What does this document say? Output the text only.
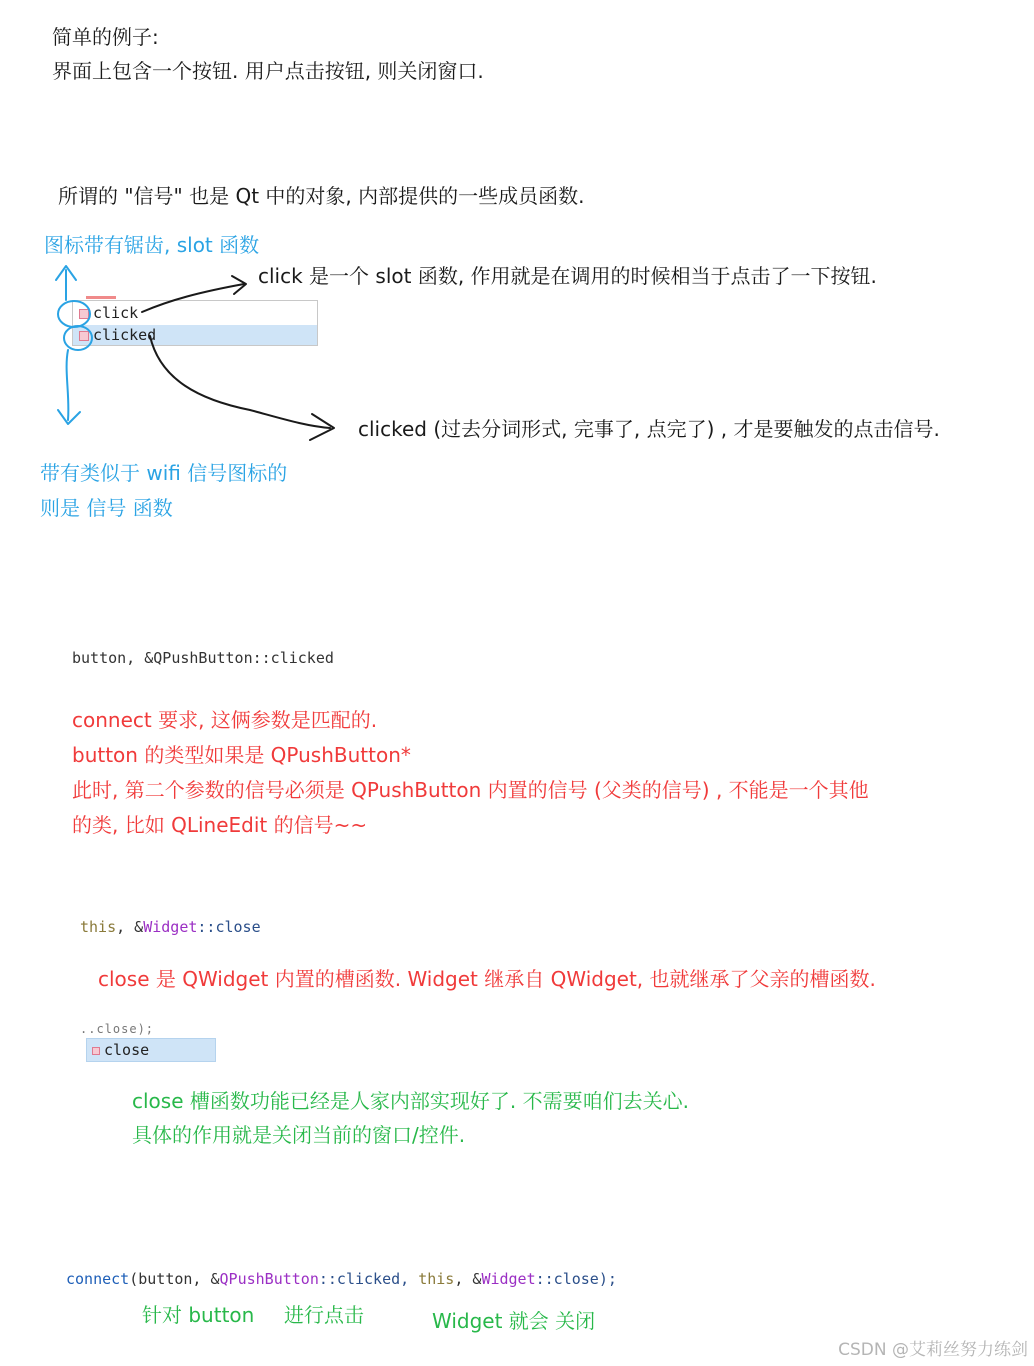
简单的例子:
界面上包含一个按钮. 用户点击按钮, 则关闭窗口.
所谓的 "信号" 也是 Qt 中的对象, 内部提供的一些成员函数.
图标带有锯齿, slot 函数
click 是一个 slot 函数, 作用就是在调用的时候相当于点击了一下按钮.
click
clicked
clicked (过去分词形式, 完事了, 点完了) , 才是要触发的点击信号.
带有类似于 wifi 信号图标的
则是 信号 函数
button, &QPushButton::clicked
connect 要求, 这俩参数是匹配的.
button 的类型如果是 QPushButton*
此时, 第二个参数的信号必须是 QPushButton 内置的信号 (父类的信号) , 不能是一个其他
的类, 比如 QLineEdit 的信号~~
this, &Widget::close
close 是 QWidget 内置的槽函数. Widget 继承自 QWidget, 也就继承了父亲的槽函数.
..close);
close
close 槽函数功能已经是人家内部实现好了. 不需要咱们去关心.
具体的作用就是关闭当前的窗口/控件.
connect(button, &QPushButton::clicked, this, &Widget::close);
针对 button 进行点击	Widget 就会 关闭
CSDN @艾莉丝努力练剑
